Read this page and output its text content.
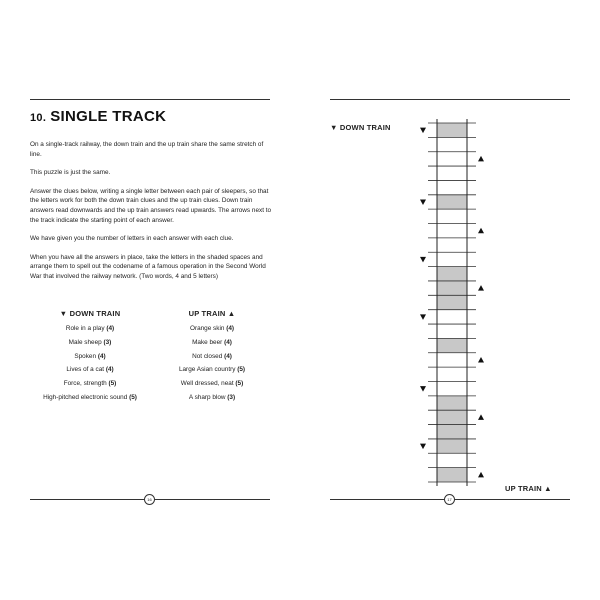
10. SINGLE TRACK

On a single-track railway, the down train and the up train share the same stretch of line.

This puzzle is just the same.

Answer the clues below, writing a single letter between each pair of sleepers, so that the letters work for both the down train clues and the up train clues. Down train answers read downwards and the up train answers read upwards. The arrows next to the track indicate the starting point of each answer.

We have given you the number of letters in each answer with each clue.

When you have all the answers in place, take the letters in the shaded spaces and arrange them to spell out the codename of a famous operation in the Second World War that involved the railway network. (Two words, 4 and 5 letters)

▼ DOWN TRAIN
Role in a play (4)
Male sheep (3)
Spoken (4)
Lives of a cat (4)
Force, strength (5)
High-pitched electronic sound (5)
UP TRAIN ▲
Orange skin (4)
Make beer (4)
Not closed (4)
Large Asian country (5)
Well dressed, neat (5)
A sharp blow (3)
16
▼ DOWN TRAIN
UP TRAIN ▲
17
